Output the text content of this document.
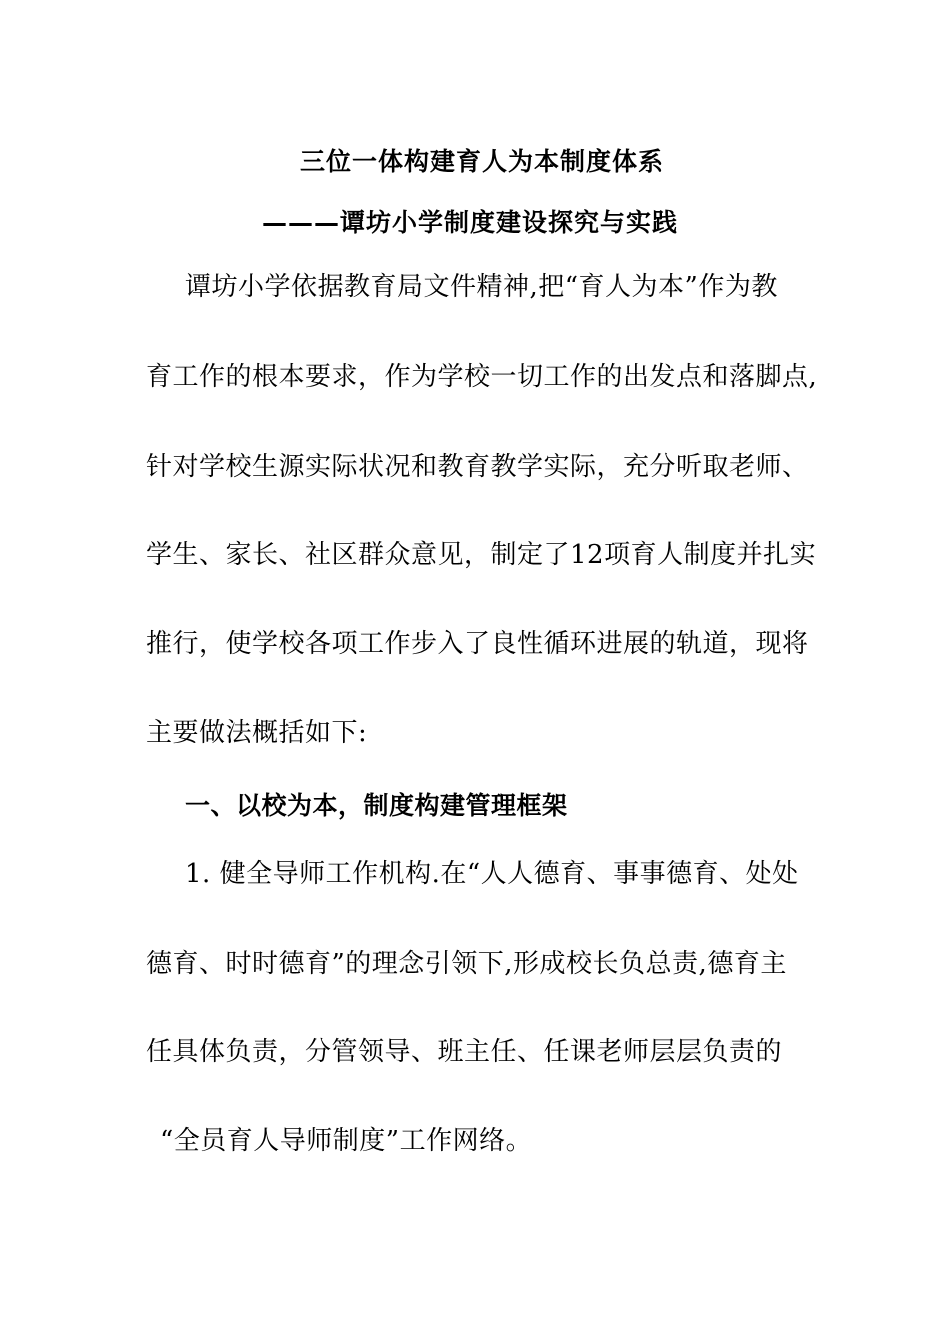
三位一体构建育人为本制度体系
———谭坊小学制度建设探究与实践
谭坊小学依据教育局文件精神,把“育人为本”作为教
育工作的根本要求，作为学校一切工作的出发点和落脚点,
针对学校生源实际状况和教育教学实际，充分听取老师、
学生、家长、社区群众意见，制定了12项育人制度并扎实
推行，使学校各项工作步入了良性循环进展的轨道，现将
主要做法概括如下:
一、以校为本，制度构建管理框架
1. 健全导师工作机构.在“人人德育、事事德育、处处
德育、时时德育”的理念引领下,形成校长负总责,德育主
任具体负责，分管领导、班主任、任课老师层层负责的
“全员育人导师制度”工作网络。
